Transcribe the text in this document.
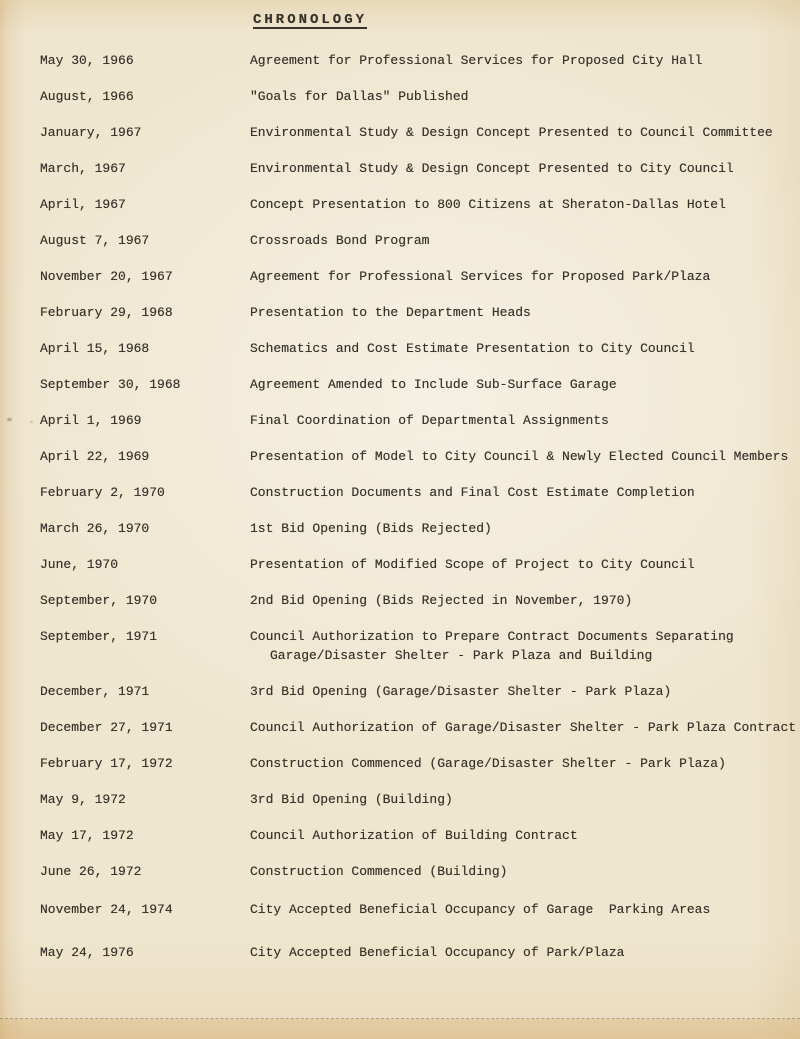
CHRONOLOGY
May 30, 1966	Agreement for Professional Services for Proposed City Hall
August, 1966	"Goals for Dallas" Published
January, 1967	Environmental Study & Design Concept Presented to Council Committee
March, 1967	Environmental Study & Design Concept Presented to City Council
April, 1967	Concept Presentation to 800 Citizens at Sheraton-Dallas Hotel
August 7, 1967	Crossroads Bond Program
November 20, 1967	Agreement for Professional Services for Proposed Park/Plaza
February 29, 1968	Presentation to the Department Heads
April 15, 1968	Schematics and Cost Estimate Presentation to City Council
September 30, 1968	Agreement Amended to Include Sub-Surface Garage
April 1, 1969	Final Coordination of Departmental Assignments
April 22, 1969	Presentation of Model to City Council & Newly Elected Council Members
February 2, 1970	Construction Documents and Final Cost Estimate Completion
March 26, 1970	1st Bid Opening (Bids Rejected)
June, 1970	Presentation of Modified Scope of Project to City Council
September, 1970	2nd Bid Opening (Bids Rejected in November, 1970)
September, 1971	Council Authorization to Prepare Contract Documents Separating
Garage/Disaster Shelter - Park Plaza and Building
December, 1971	3rd Bid Opening (Garage/Disaster Shelter - Park Plaza)
December 27, 1971	Council Authorization of Garage/Disaster Shelter - Park Plaza Contract
February 17, 1972	Construction Commenced (Garage/Disaster Shelter - Park Plaza)
May 9, 1972	3rd Bid Opening (Building)
May 17, 1972	Council Authorization of Building Contract
June 26, 1972	Construction Commenced (Building)
November 24, 1974	City Accepted Beneficial Occupancy of Garage  Parking Areas
May 24, 1976	City Accepted Beneficial Occupancy of Park/Plaza
